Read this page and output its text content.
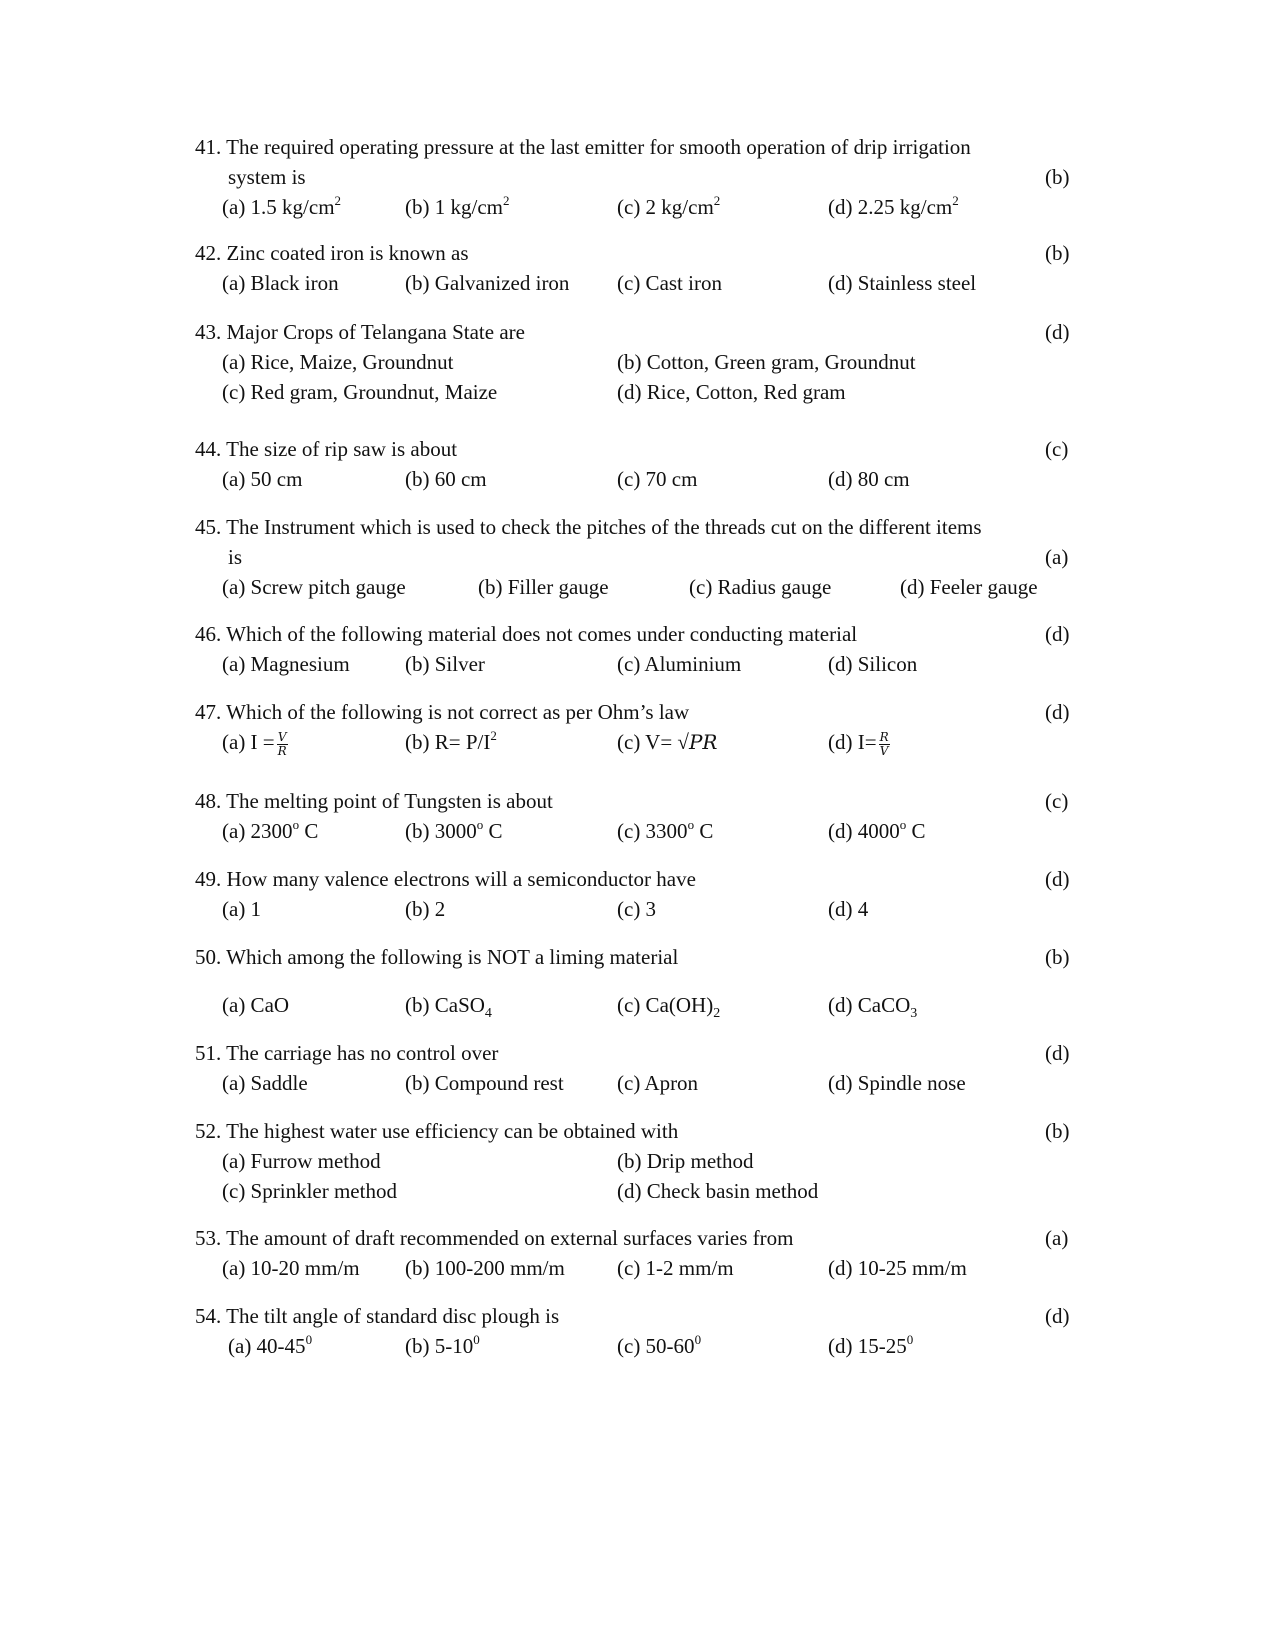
41. The required operating pressure at the last emitter for smooth operation of drip irrigation
system is	(b)
(a) 1.5 $kg/cm^2$	(b) 1 $kg/cm^2$	(c) 2 $kg/cm^2$	(d) 2.25 $kg/cm^2$
42. Zinc coated iron is known as	(b)
(a) Black iron	(b) Galvanized iron (c) Cast iron	(d) Stainless steel
43. Major Crops of Telangana State are	(d)
(a) Rice, Maize, Groundnut	(b) Cotton, Green gram, Groundnut
(c) Red gram, Groundnut, Maize	(d) Rice, Cotton, Red gram
44. The size of rip saw is about	(c)
(a) 50 cm	(b) 60 cm	(c) 70 cm	(d) 80 cm
45. The Instrument which is used to check the pitches of the threads cut on the different items
is	(a)
(a) Screw pitch gauge	(b) Filler gauge	(c) Radius gauge	(d) Feeler gauge
46. Which of the following material does not comes under conducting material	(d)
(a) Magnesium	(b) Silver	(c) Aluminium	(d) Silicon
47. Which of the following is not correct as per Ohm’s law	(d)
(a) $I = \frac{V}{R}$	(b) $R= P/I^2$	(c) V= √PR	(d) $I= \frac{R}{V}$
48. The melting point of Tungsten is about	(c)
(a) 2300$^o$ C	(b) 3000$^o$ C	(c) 3300$^o$ C	(d) 4000$^o$ C
49. How many valence electrons will a semiconductor have	(d)
(a) 1	(b) 2	(c) 3	(d) 4
50. Which among the following is NOT a liming material	(b)
(a) CaO	(b) CaSO$_4$	(c) $Ca(OH)_2$	(d) CaCO$_3$
51. The carriage has no control over	(d)
(a) Saddle	(b) Compound rest	(c) Apron	(d) Spindle nose
52. The highest water use efficiency can be obtained with	(b)
(a) Furrow method	(b) Drip method
(c) Sprinkler method	(d) Check basin method
53. The amount of draft recommended on external surfaces varies from	(a)
(a) 10-20 mm/m (b) 100-200 mm/m (c) 1-2 mm/m	(d) 10-25 mm/m
54. The tilt angle of standard disc plough is	(d)
(a) $40-45^0$	(b) $5-10^0$	(c) $50-60^0$	(d) $15-25^0$
